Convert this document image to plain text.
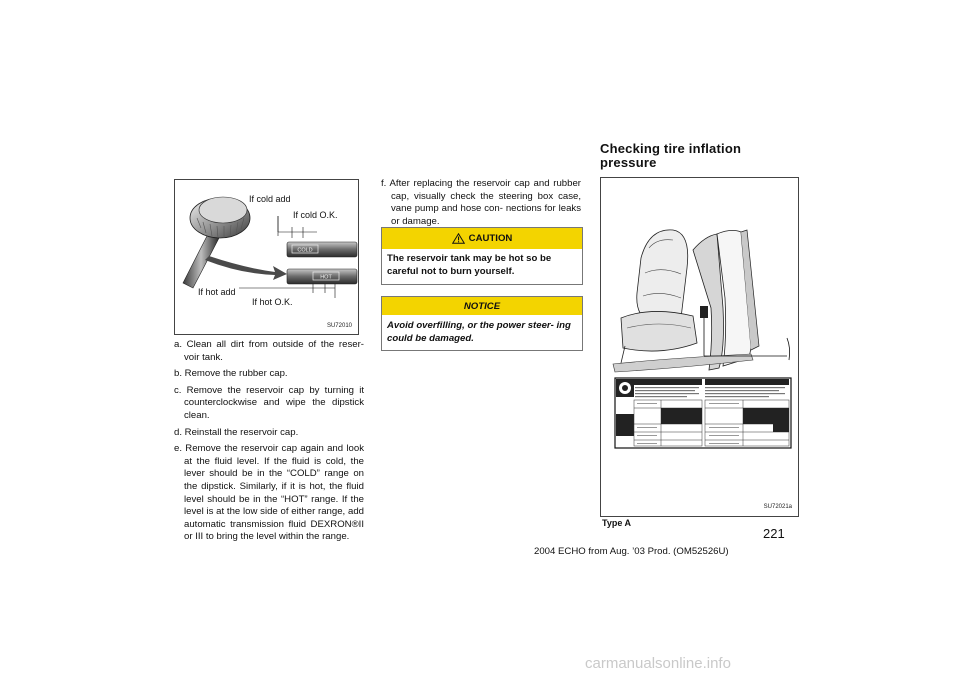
Checking tire inflation
pressure
COLD
HOT
If cold add
If cold O.K.
If hot add
If hot O.K.
SU72010

a. Clean all dirt from outside of the reser- voir tank.

b. Remove the rubber cap.

c. Remove the reservoir cap by turning it counterclockwise and wipe the dipstick clean.

d. Reinstall the reservoir cap.

e. Remove the reservoir cap again and look at the fluid level. If the fluid is cold, the lever should be in the “COLD” range on the dipstick. Similarly, if it is hot, the fluid level should be in the “HOT” range. If the level is at the low side of either range, add automatic transmission fluid DEXRON®II or III to bring the level within the range.

f. After replacing the reservoir cap and rubber cap, visually check the steering box case, vane pump and hose con- nections for leaks or damage.

CAUTION
The reservoir tank may be hot so be careful not to burn yourself.
NOTICE
Avoid overfilling, or the power steer- ing could be damaged.
SU72021a
Type A
2004 ECHO from Aug. ’03 Prod. (OM52526U)
221
carmanualsonline.info
